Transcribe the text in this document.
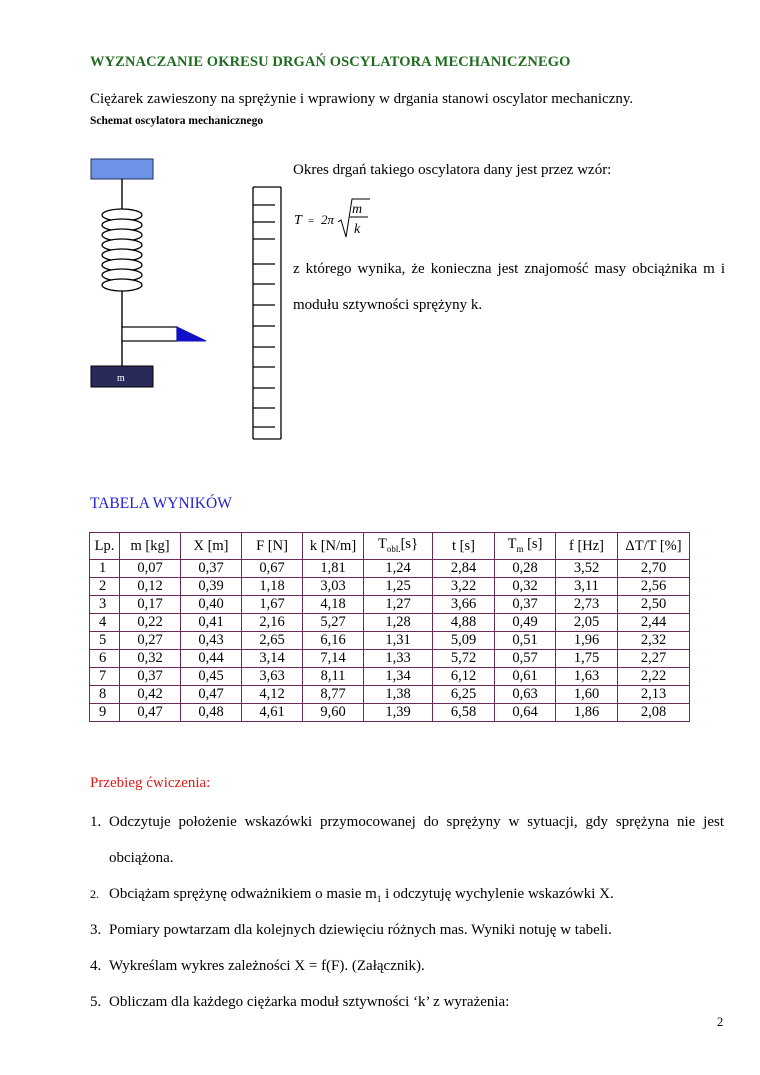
WYZNACZANIE OKRESU DRGAŃ OSCYLATORA MECHANICZNEGO
Ciężarek zawieszony na sprężynie i wprawiony w drgania stanowi oscylator mechaniczny.
Schemat oscylatora mechanicznego
m
Okres drgań takiego oscylatora dany jest przez wzór:
T = 2π
m
k
z którego wynika, że konieczna jest znajomość masy obciążnika m i
modułu sztywności sprężyny k.
TABELA WYNIKÓW
Lp.	m [kg]	X [m]	F [N]	k [N/m]	$T_{obl.}[s\}$	t [s]	$T_m$ [s]	f [Hz]	ΔT/T [%]
1	0,07	0,37	0,67	1,81	1,24	2,84	0,28	3,52	2,70
2	0,12	0,39	1,18	3,03	1,25	3,22	0,32	3,11	2,56
3	0,17	0,40	1,67	4,18	1,27	3,66	0,37	2,73	2,50
4	0,22	0,41	2,16	5,27	1,28	4,88	0,49	2,05	2,44
5	0,27	0,43	2,65	6,16	1,31	5,09	0,51	1,96	2,32
6	0,32	0,44	3,14	7,14	1,33	5,72	0,57	1,75	2,27
7	0,37	0,45	3,63	8,11	1,34	6,12	0,61	1,63	2,22
8	0,42	0,47	4,12	8,77	1,38	6,25	0,63	1,60	2,13
9	0,47	0,48	4,61	9,60	1,39	6,58	0,64	1,86	2,08
Przebieg ćwiczenia:
1. Odczytuje położenie wskazówki przymocowanej do sprężyny w sytuacji, gdy sprężyna nie jest
obciążona.
2. Obciążam sprężynę odważnikiem o masie $m_1$ i odczytuję wychylenie wskazówki X.
3. Pomiary powtarzam dla kolejnych dziewięciu różnych mas. Wyniki notuję w tabeli.
4. Wykreślam wykres zależności X = f(F). (Załącznik).
5. Obliczam dla każdego ciężarka moduł sztywności ‘k’ z wyrażenia:
2
